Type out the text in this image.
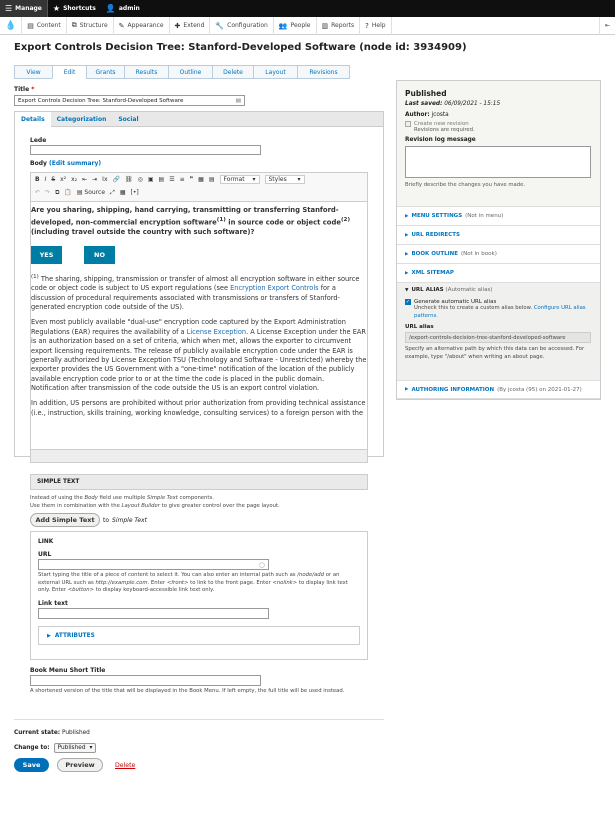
☰ Manage ★ Shortcuts 👤 admin
💧	▤ Content ⧉ Structure ✎ Appearance ✚ Extend 🔧 Configuration 👥 People ▥ Reports ? Help	⇤
Export Controls Decision Tree: Stanford-Developed Software (node id: 3934909)
View	Edit	Grants	Results	Outline	Delete	Layout	Revisions
Title *
Export Controls Decision Tree: Stanford-Developed Software	▤
Details	Categorization	Social
Lede
Body (Edit summary)
B I S x² x₂ ⇤ ⇥ Ix 🔗 ⛓ ◎ ▣ ▤ ☰ ≡ ❞ ▦ ▤ Format ▾ Styles ▾
↶ ↷ ⧉ 📋 ▤ Source ⤢ ▦ [•]

Are you sharing, shipping, hand carrying, transmitting or transferring Stanford-developed, non-commercial encryption software$^{(1)}$ in source code or object code$^{(2)}$ (including travel outside the country with such software)?

YES	NO

$^{(1)}$ The sharing, shipping, transmission or transfer of almost all encryption software in either source code or object code is subject to US export regulations (see Encryption Export Controls for a discussion of procedural requirements associated with transmissions or transfers of Stanford-generated encryption code outside of the US).

Even most publicly available "dual-use" encryption code captured by the Export Administration Regulations (EAR) requires the availability of a License Exception. A License Exception under the EAR is an authorization based on a set of criteria, which when met, allows the exporter to circumvent export licensing requirements. The release of publicly available encryption code under the EAR is generally authorized by License Exception TSU (Technology and Software - Unrestricted) whereby the exporter provides the US Government with a "one-time" notification of the location of the publicly available encryption code prior to or at the time the code is placed in the public domain.

Notification after transmission of the code outside the US is an export control violation.

In addition, US persons are prohibited without prior authorization from providing technical assistance (i.e., instruction, skills training, working knowledge, consulting services) to a foreign person with the

SIMPLE TEXT
Instead of using the Body field use multiple Simple Text components.
Use them in combination with the Layout Builder to give greater control over the page layout.
Add Simple Text	to Simple Text
LINK
URL
○
Start typing the title of a piece of content to select it. You can also enter an internal path such as /node/add or an external URL such as http://example.com. Enter <front> to link to the front page. Enter <nolink> to display link text only. Enter <button> to display keyboard-accessible link text only.
Link text
▶ ATTRIBUTES
Book Menu Short Title
A shortened version of the title that will be displayed in the Book Menu. If left empty, the full title will be used instead.
Current state: Published
Change to: Published ▾
Save	Preview	Delete
Published
Last saved: 06/09/2021 - 15:15
Author: jcosta
Create new revision
Revisions are required.
Revision log message
Briefly describe the changes you have made.
▶ MENU SETTINGS (Not in menu)
▶ URL REDIRECTS
▶ BOOK OUTLINE (Not in book)
▶ XML SITEMAP
▼ URL ALIAS (Automatic alias)
✓ Generate automatic URL alias
Uncheck this to create a custom alias below. Configure URL alias patterns.
URL alias
/export-controls-decision-tree-stanford-developed-software
Specify an alternative path by which this data can be accessed. For example, type "/about" when writing an about page.
▶ AUTHORING INFORMATION (By jcosta (95) on 2021-01-27)
